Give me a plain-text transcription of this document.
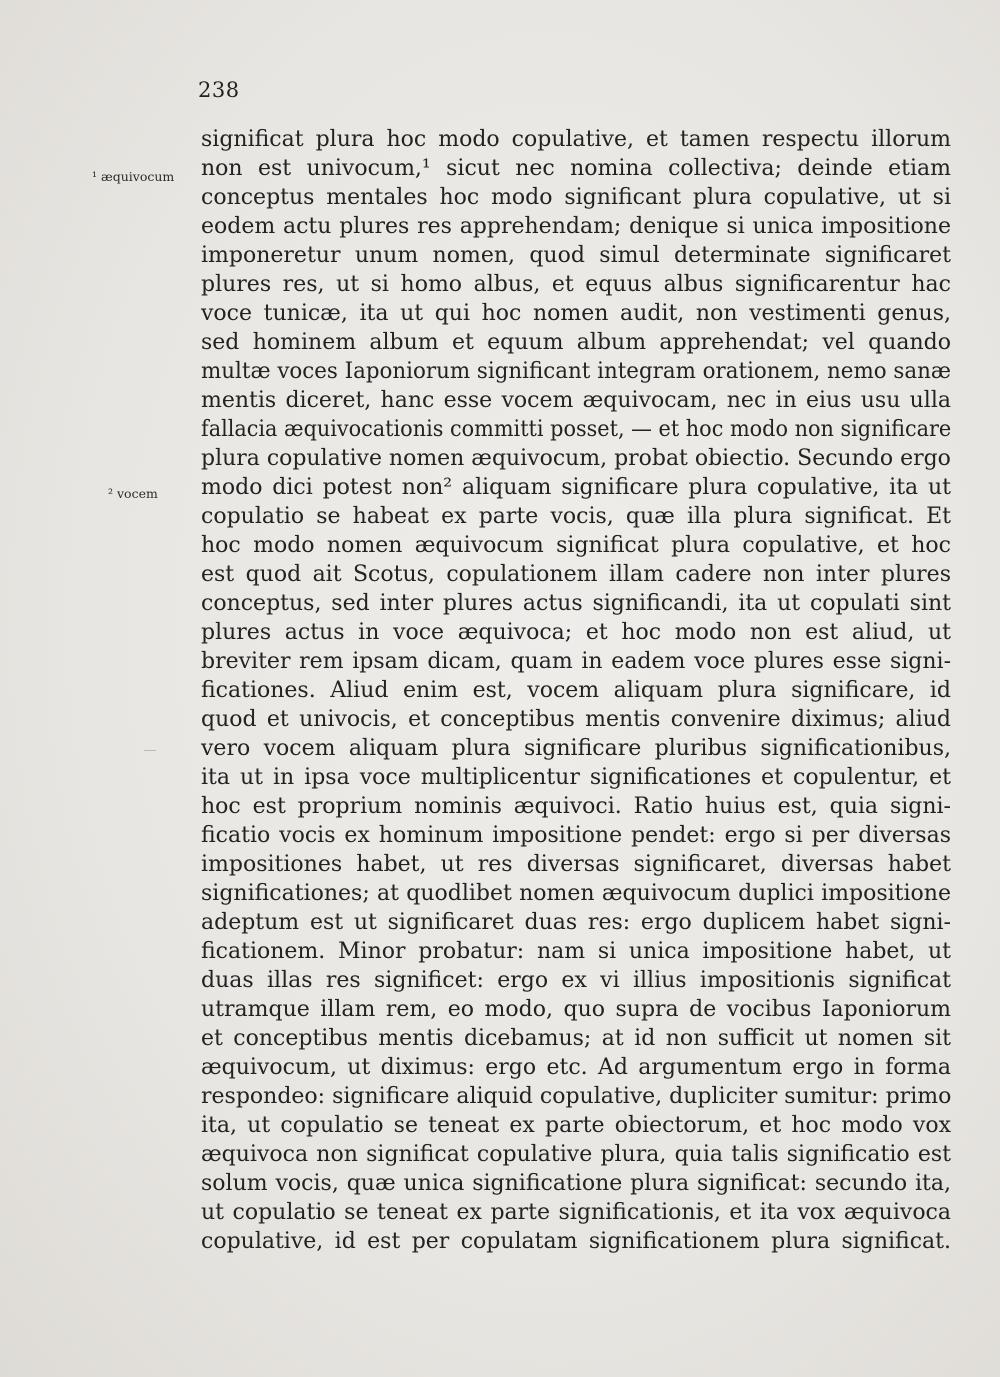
238
¹ æquivocum
² vocem
significat plura hoc modo copulative, et tamen respectu illorum
non est univocum,¹ sicut nec nomina collectiva; deinde etiam
conceptus mentales hoc modo significant plura copulative, ut si
eodem actu plures res apprehendam; denique si unica impositione
imponeretur unum nomen, quod simul determinate significaret
plures res, ut si homo albus, et equus albus significarentur hac
voce tunicæ, ita ut qui hoc nomen audit, non vestimenti genus,
sed hominem album et equum album apprehendat; vel quando
multæ voces Iaponiorum significant integram orationem, nemo sanæ
mentis diceret, hanc esse vocem æquivocam, nec in eius usu ulla
fallacia æquivocationis committi posset, — et hoc modo non significare
plura copulative nomen æquivocum, probat obiectio. Secundo ergo
modo dici potest non² aliquam significare plura copulative, ita ut
copulatio se habeat ex parte vocis, quæ illa plura significat. Et
hoc modo nomen æquivocum significat plura copulative, et hoc
est quod ait Scotus, copulationem illam cadere non inter plures
conceptus, sed inter plures actus significandi, ita ut copulati sint
plures actus in voce æquivoca; et hoc modo non est aliud, ut
breviter rem ipsam dicam, quam in eadem voce plures esse signi-
ficationes. Aliud enim est, vocem aliquam plura significare, id
quod et univocis, et conceptibus mentis convenire diximus; aliud
vero vocem aliquam plura significare pluribus significationibus,
ita ut in ipsa voce multiplicentur significationes et copulentur, et
hoc est proprium nominis æquivoci. Ratio huius est, quia signi-
ficatio vocis ex hominum impositione pendet: ergo si per diversas
impositiones habet, ut res diversas significaret, diversas habet
significationes; at quodlibet nomen æquivocum duplici impositione
adeptum est ut significaret duas res: ergo duplicem habet signi-
ficationem. Minor probatur: nam si unica impositione habet, ut
duas illas res significet: ergo ex vi illius impositionis significat
utramque illam rem, eo modo, quo supra de vocibus Iaponiorum
et conceptibus mentis dicebamus; at id non sufficit ut nomen sit
æquivocum, ut diximus: ergo etc. Ad argumentum ergo in forma
respondeo: significare aliquid copulative, dupliciter sumitur: primo
ita, ut copulatio se teneat ex parte obiectorum, et hoc modo vox
æquivoca non significat copulative plura, quia talis significatio est
solum vocis, quæ unica significatione plura significat: secundo ita,
ut copulatio se teneat ex parte significationis, et ita vox æquivoca
copulative, id est per copulatam significationem plura significat.
